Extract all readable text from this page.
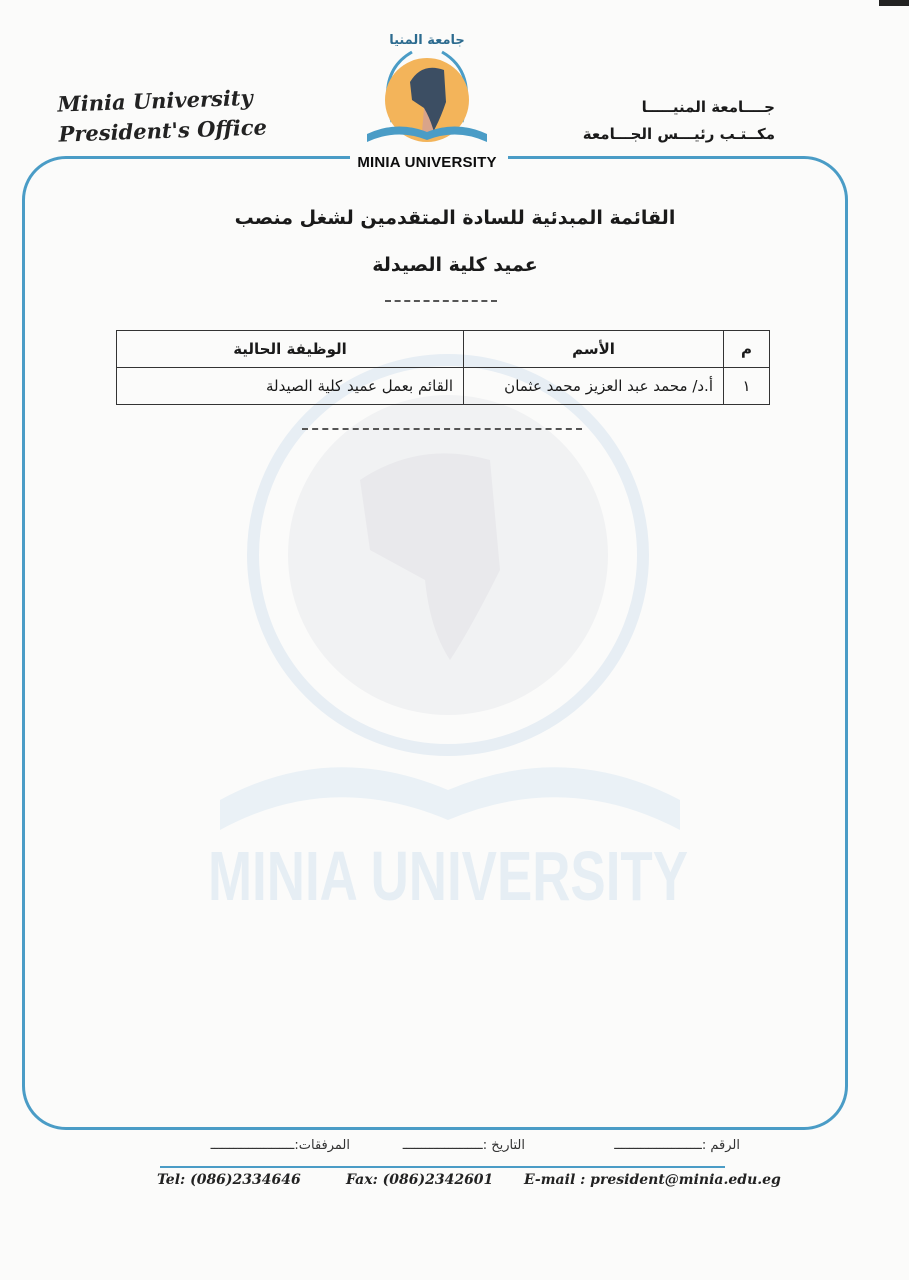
MINIA UNIVERSITY
Minia University
President's Office
جــــامعة المنيـــــا
مكــتـب رئيـــس الجـــامعة
جامعة المنيا
MINIA UNIVERSITY
القائمة المبدئية للسادة المتقدمين لشغل منصب
عميد كلية الصيدلة
م	الأسم	الوظيفة الحالية
١	أ.د/ محمد عبد العزيز محمد عثمان	القائم بعمل عميد كلية الصيدلة
الرقم :ـــــــــــــــــــــــ
التاريخ :ـــــــــــــــــــــ
المرفقات:ــــــــــــــــــــــ
Tel: (086)2334646	Fax: (086)2342601 E-mail : president@minia.edu.eg
